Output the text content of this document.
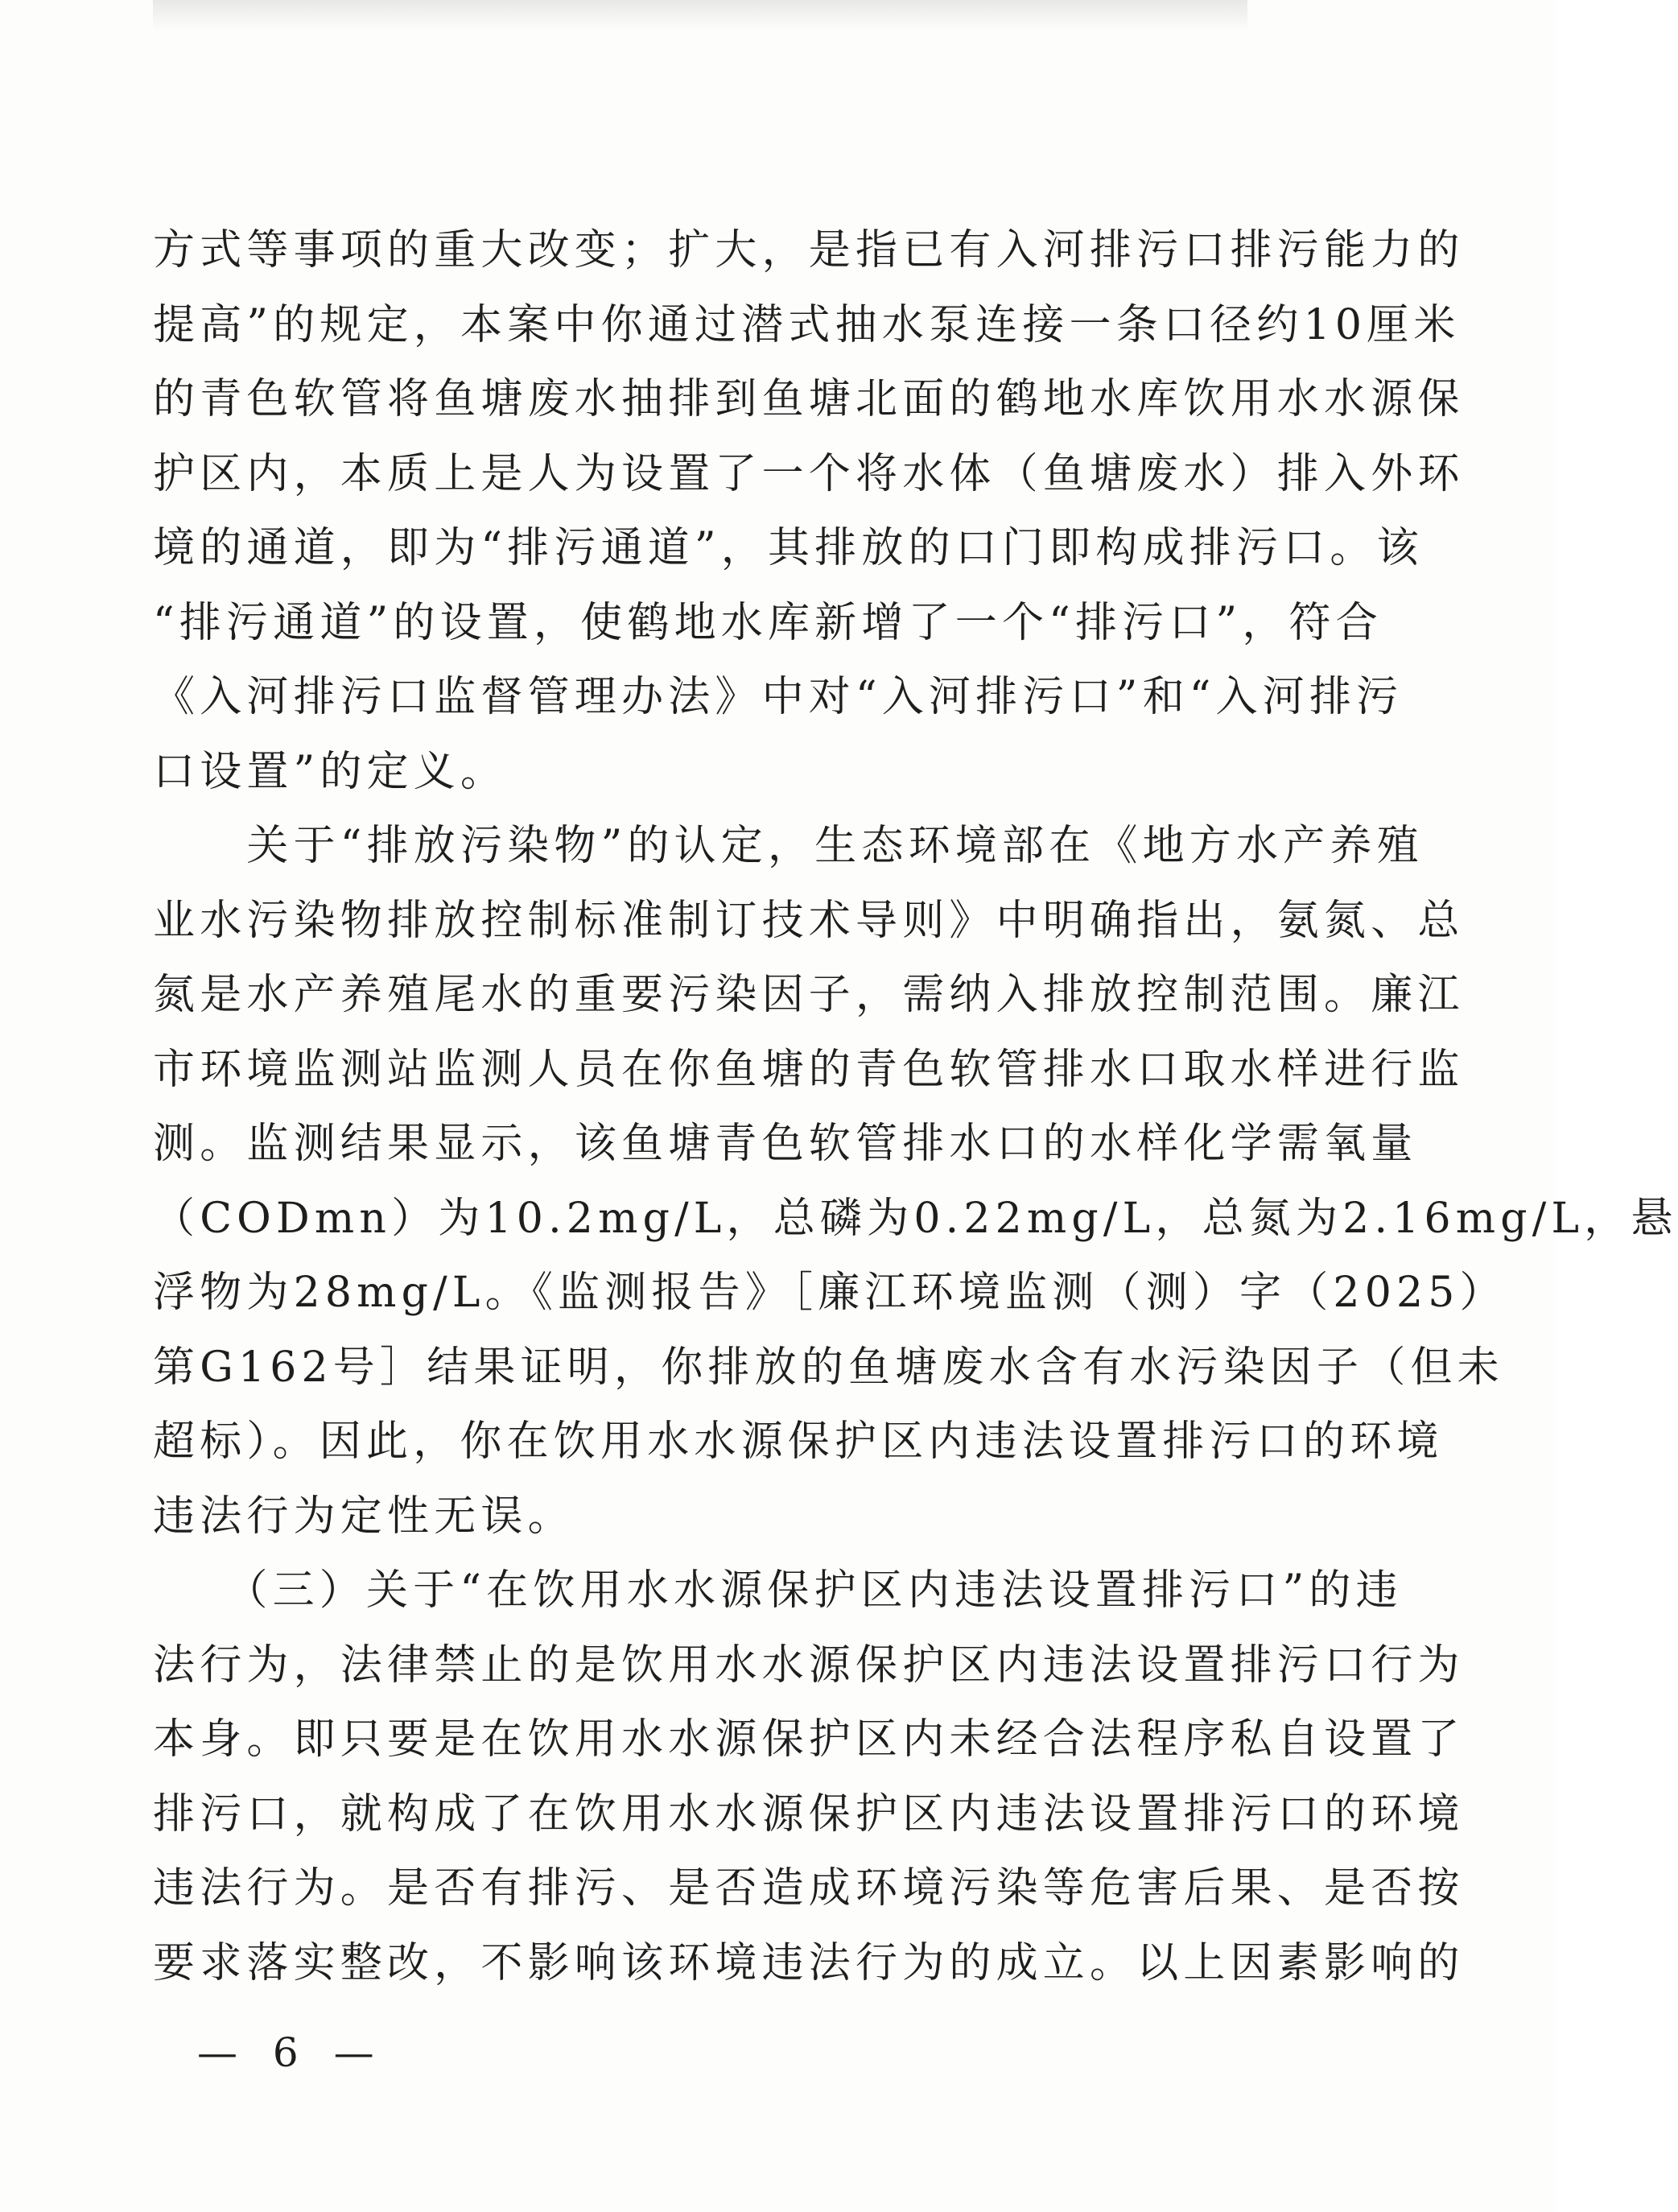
方式等事项的重大改变；扩大，是指已有入河排污口排污能力的
提高”的规定，本案中你通过潜式抽水泵连接一条口径约10厘米
的青色软管将鱼塘废水抽排到鱼塘北面的鹤地水库饮用水水源保
护区内，本质上是人为设置了一个将水体（鱼塘废水）排入外环
境的通道，即为“排污通道”，其排放的口门即构成排污口。该
“排污通道”的设置，使鹤地水库新增了一个“排污口”，符合
《入河排污口监督管理办法》中对“入河排污口”和“入河排污
口设置”的定义。
　　关于“排放污染物”的认定，生态环境部在《地方水产养殖
业水污染物排放控制标准制订技术导则》中明确指出，氨氮、总
氮是水产养殖尾水的重要污染因子，需纳入排放控制范围。廉江
市环境监测站监测人员在你鱼塘的青色软管排水口取水样进行监
测。监测结果显示，该鱼塘青色软管排水口的水样化学需氧量
（CODmn）为10.2mg/L，总磷为0.22mg/L，总氮为2.16mg/L，悬
浮物为28mg/L。《监测报告》［廉江环境监测（测）字（2025）
第G162号］结果证明，你排放的鱼塘废水含有水污染因子（但未
超标）。因此，你在饮用水水源保护区内违法设置排污口的环境
违法行为定性无误。
　　（三）关于“在饮用水水源保护区内违法设置排污口”的违
法行为，法律禁止的是饮用水水源保护区内违法设置排污口行为
本身。即只要是在饮用水水源保护区内未经合法程序私自设置了
排污口，就构成了在饮用水水源保护区内违法设置排污口的环境
违法行为。是否有排污、是否造成环境污染等危害后果、是否按
要求落实整改，不影响该环境违法行为的成立。以上因素影响的
— 6 —
